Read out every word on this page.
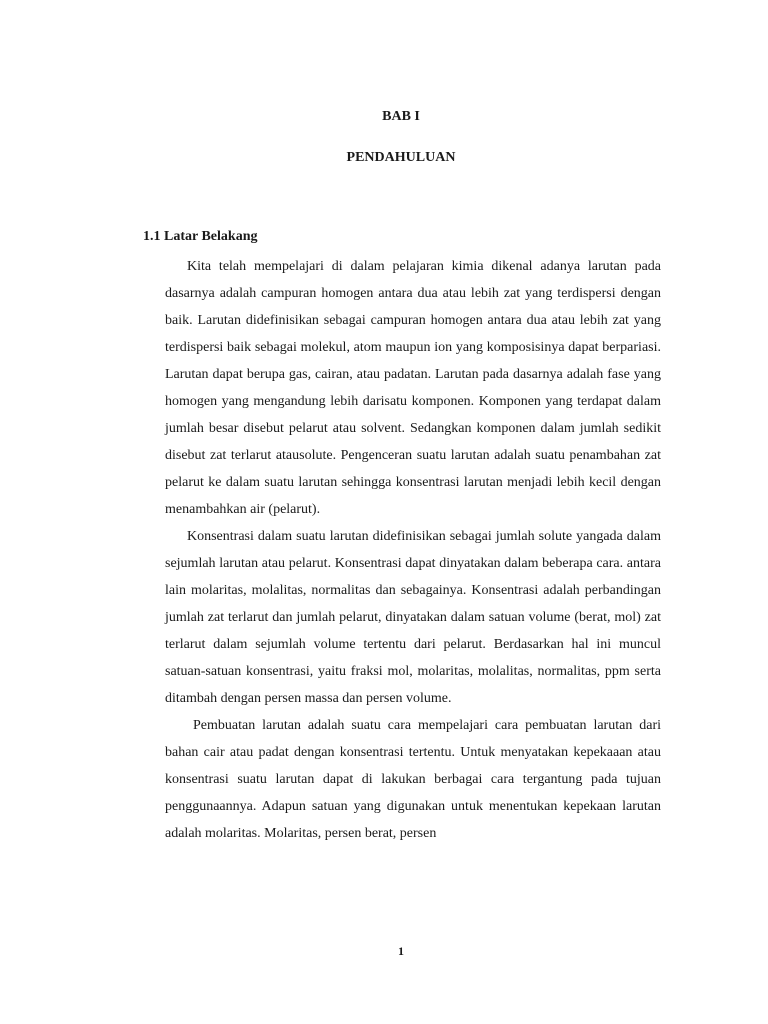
BAB I
PENDAHULUAN
1.1 Latar Belakang

Kita telah mempelajari di dalam pelajaran kimia dikenal adanya larutan pada dasarnya adalah campuran homogen antara dua atau lebih zat yang terdispersi dengan baik. Larutan didefinisikan sebagai campuran homogen antara dua atau lebih zat yang terdispersi baik sebagai molekul, atom maupun ion yang komposisinya dapat berpariasi. Larutan dapat berupa gas, cairan, atau padatan. Larutan pada dasarnya adalah fase yang homogen yang mengandung lebih darisatu komponen. Komponen yang terdapat dalam jumlah besar disebut pelarut atau solvent. Sedangkan komponen dalam jumlah sedikit disebut zat terlarut atausolute. Pengenceran suatu larutan adalah suatu penambahan zat pelarut ke dalam suatu larutan sehingga konsentrasi larutan menjadi lebih kecil dengan menambahkan air (pelarut).

Konsentrasi dalam suatu larutan didefinisikan sebagai jumlah solute yangada dalam sejumlah larutan atau pelarut. Konsentrasi dapat dinyatakan dalam beberapa cara. antara lain molaritas, molalitas, normalitas dan sebagainya. Konsentrasi adalah perbandingan jumlah zat terlarut dan jumlah pelarut, dinyatakan dalam satuan volume (berat, mol) zat terlarut dalam sejumlah volume tertentu dari pelarut. Berdasarkan hal ini muncul satuan-satuan konsentrasi, yaitu fraksi mol, molaritas, molalitas, normalitas, ppm serta ditambah dengan persen massa dan persen volume.

Pembuatan larutan adalah suatu cara mempelajari cara pembuatan larutan dari bahan cair atau padat dengan konsentrasi tertentu. Untuk menyatakan kepekaaan atau konsentrasi suatu larutan dapat di lakukan berbagai cara tergantung pada tujuan penggunaannya. Adapun satuan yang digunakan untuk menentukan kepekaan larutan adalah molaritas. Molaritas, persen berat, persen

1
